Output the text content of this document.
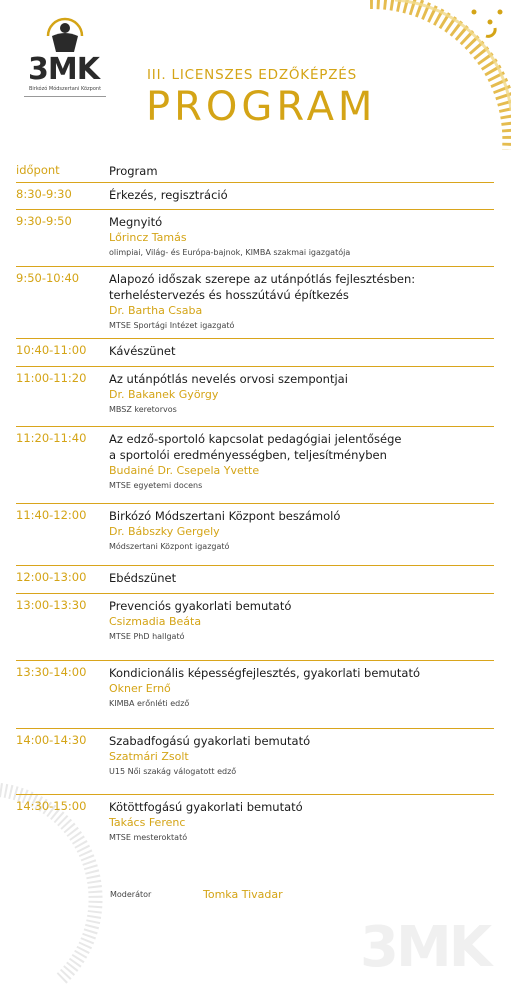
3MK
Birkózó Módszertani Központ
III. LICENSZES EDZŐKÉPZÉS
PROGRAM
időpont	Program
8:30-9:30	Érkezés, regisztráció
9:30-9:50	Megnyitó
Lőrincz Tamás
olimpiai, Világ- és Európa-bajnok, KIMBA szakmai igazgatója
9:50-10:40	Alapozó időszak szerepe az utánpótlás fejlesztésben:
terheléstervezés és hosszútávú építkezés
Dr. Bartha Csaba
MTSE Sportági Intézet igazgató
10:40-11:00 Kávészünet
11:00-11:20 Az utánpótlás nevelés orvosi szempontjai
Dr. Bakanek György
MBSZ keretorvos
11:20-11:40 Az edző-sportoló kapcsolat pedagógiai jelentősége
a sportolói eredményességben, teljesítményben
Budainé Dr. Csepela Yvette
MTSE egyetemi docens
11:40-12:00 Birkózó Módszertani Központ beszámoló
Dr. Bábszky Gergely
Módszertani Központ igazgató
12:00-13:00 Ebédszünet
13:00-13:30 Prevenciós gyakorlati bemutató
Csizmadia Beáta
MTSE PhD hallgató
13:30-14:00 Kondicionális képességfejlesztés, gyakorlati bemutató
Okner Ernő
KIMBA erőnléti edző
14:00-14:30 Szabadfogású gyakorlati bemutató
Szatmári Zsolt
U15 Női szakág válogatott edző
14:30-15:00 Kötöttfogású gyakorlati bemutató
Takács Ferenc
MTSE mesteroktató
Moderátor	Tomka Tivadar
3MK
